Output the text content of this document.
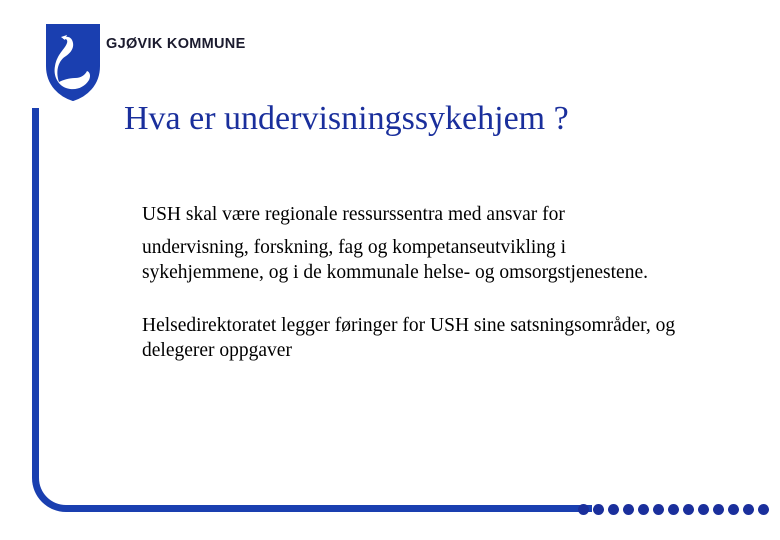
GJØVIK KOMMUNE
Hva er undervisningssykehjem ?

USH skal være regionale ressurssentra med ansvar for

undervisning, forskning, fag og kompetanseutvikling i sykehjemmene, og i de kommunale helse- og omsorgstjenestene.

Helsedirektoratet legger føringer for USH sine satsningsområder, og delegerer oppgaver
